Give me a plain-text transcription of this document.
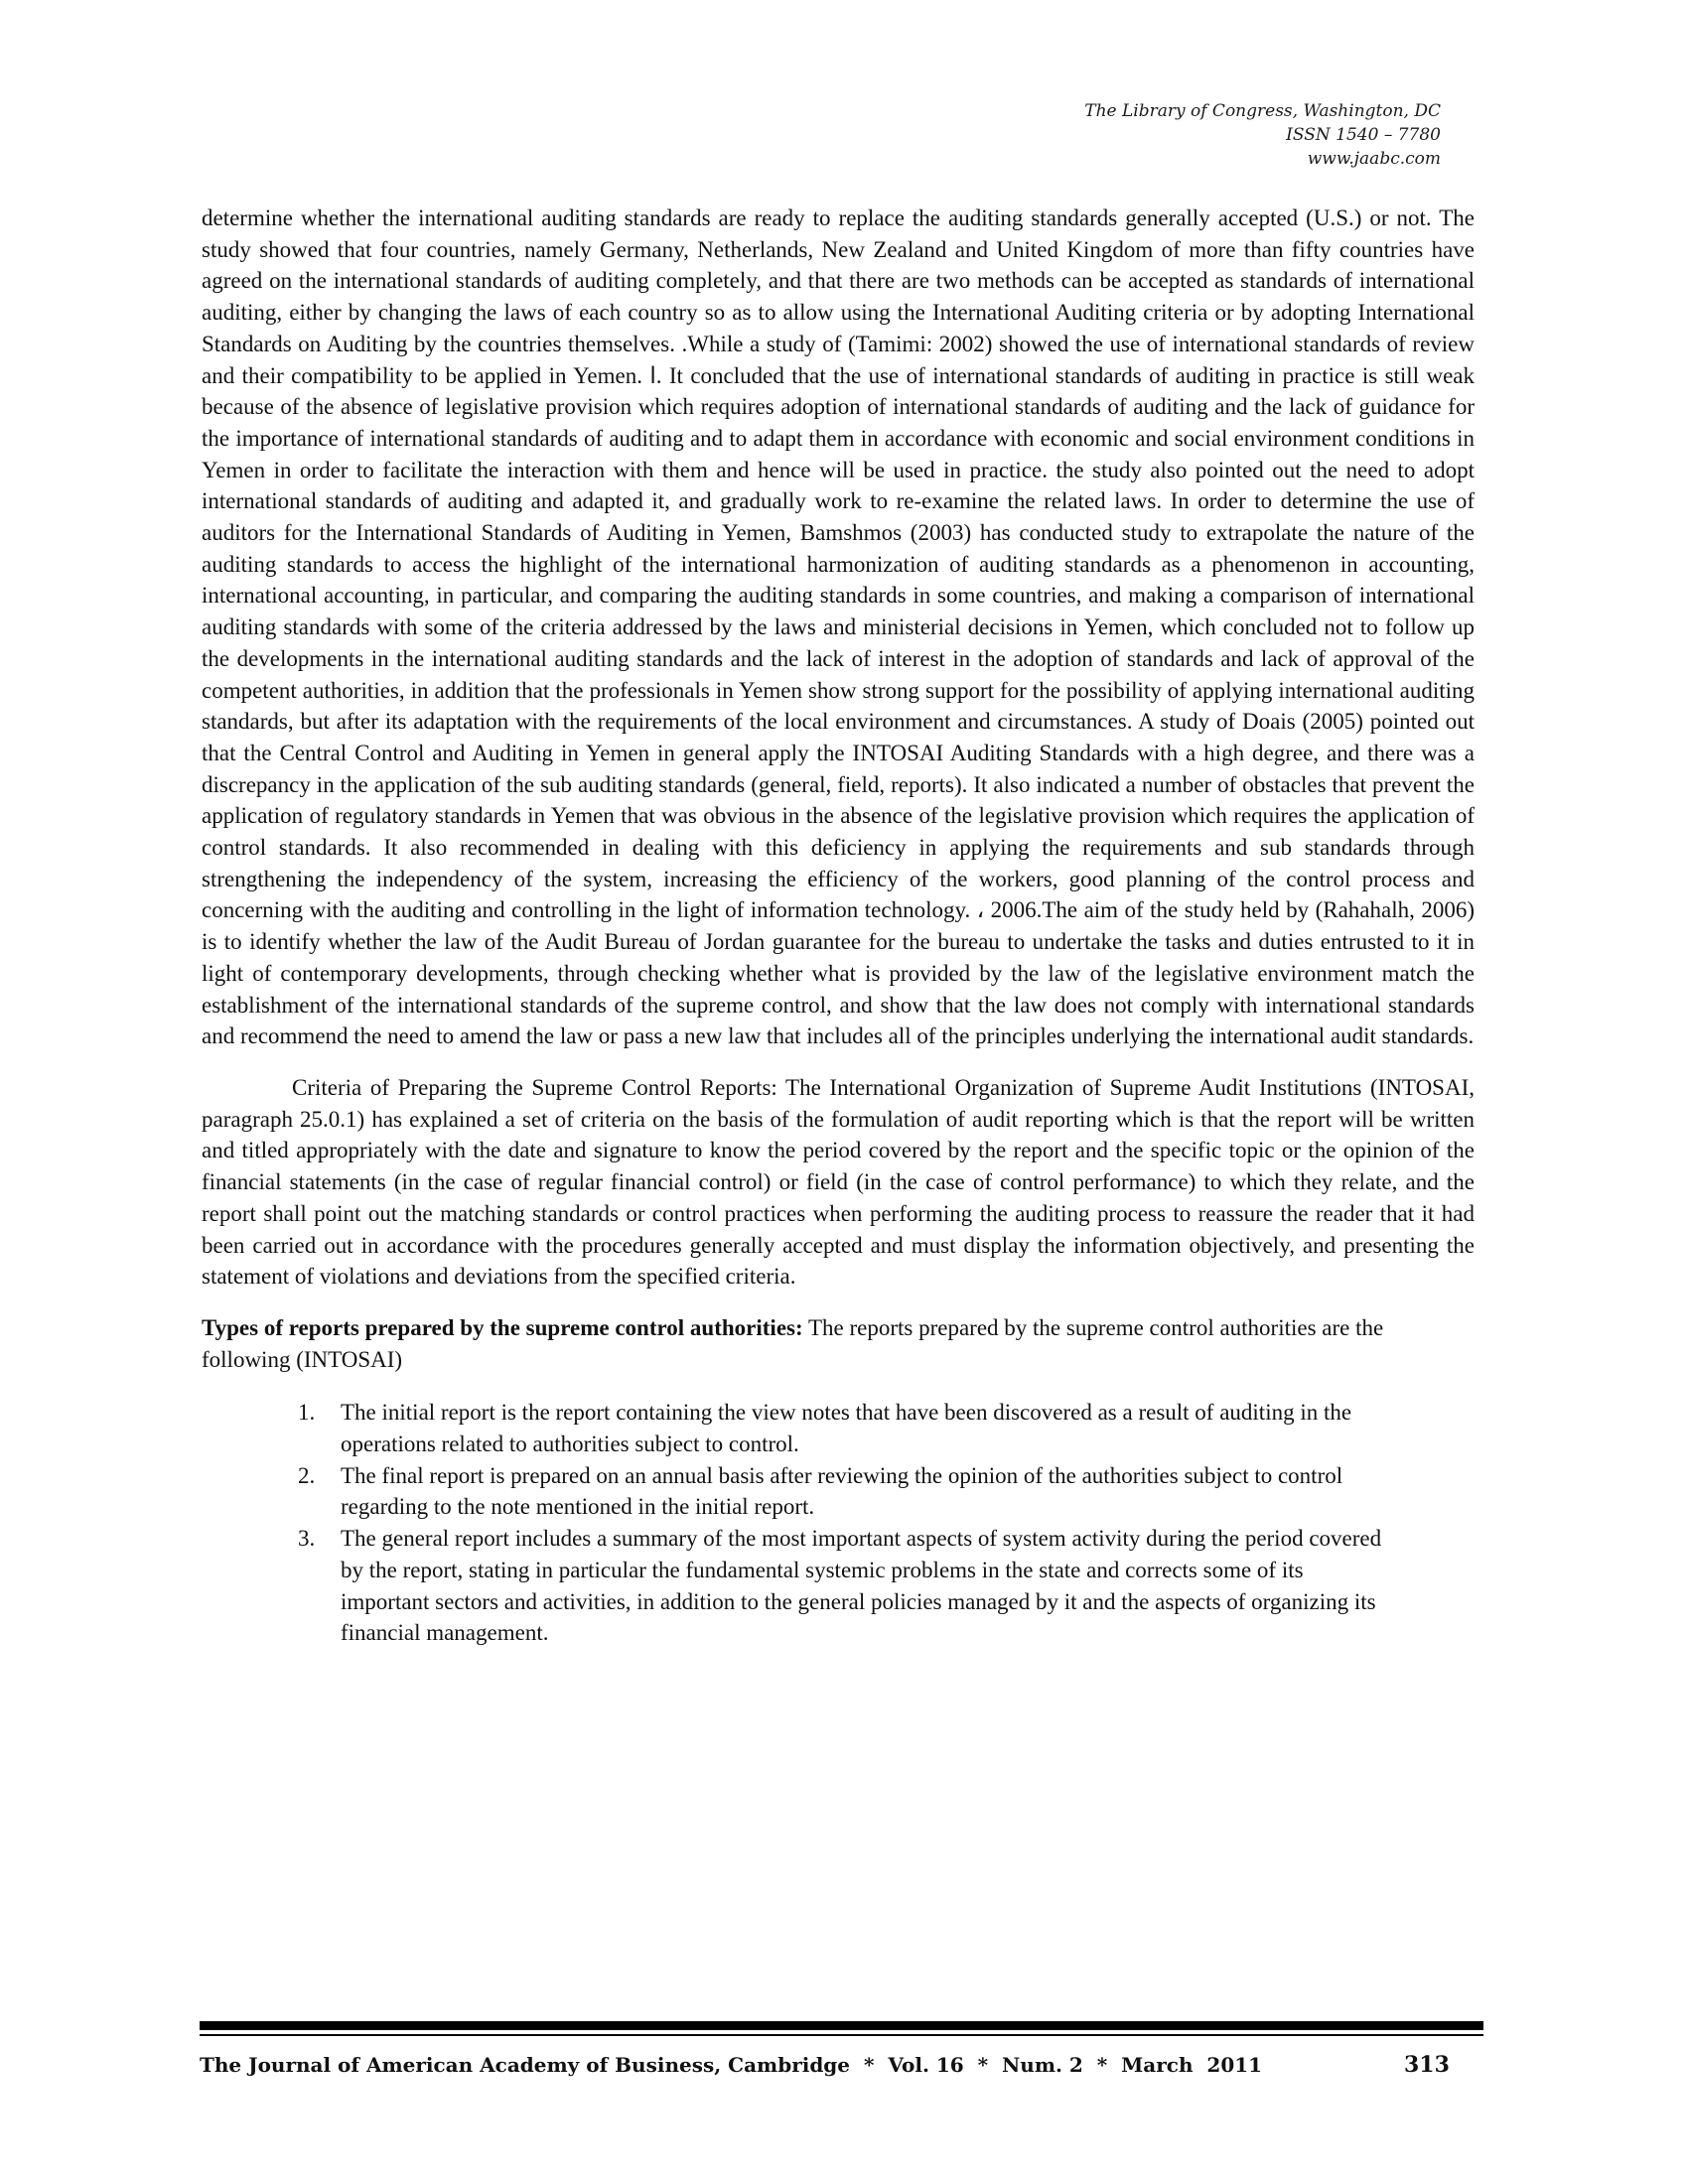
The Library of Congress, Washington, DC
ISSN 1540 – 7780
www.jaabc.com

determine whether the international auditing standards are ready to replace the auditing standards generally accepted (U.S.) or not. The study showed that four countries, namely Germany, Netherlands, New Zealand and United Kingdom of more than fifty countries have agreed on the international standards of auditing completely, and that there are two methods can be accepted as standards of international auditing, either by changing the laws of each country so as to allow using the International Auditing criteria or by adopting International Standards on Auditing by the countries themselves. .While a study of (Tamimi: 2002) showed the use of international standards of review and their compatibility to be applied in Yemen. ا. It concluded that the use of international standards of auditing in practice is still weak because of the absence of legislative provision which requires adoption of international standards of auditing and the lack of guidance for the importance of international standards of auditing and to adapt them in accordance with economic and social environment conditions in Yemen in order to facilitate the interaction with them and hence will be used in practice. the study also pointed out the need to adopt international standards of auditing and adapted it, and gradually work to re-examine the related laws. In order to determine the use of auditors for the International Standards of Auditing in Yemen, Bamshmos (2003) has conducted study to extrapolate the nature of the auditing standards to access the highlight of the international harmonization of auditing standards as a phenomenon in accounting, international accounting, in particular, and comparing the auditing standards in some countries, and making a comparison of international auditing standards with some of the criteria addressed by the laws and ministerial decisions in Yemen, which concluded not to follow up the developments in the international auditing standards and the lack of interest in the adoption of standards and lack of approval of the competent authorities, in addition that the professionals in Yemen show strong support for the possibility of applying international auditing standards, but after its adaptation with the requirements of the local environment and circumstances. A study of Doais (2005) pointed out that the Central Control and Auditing in Yemen in general apply the INTOSAI Auditing Standards with a high degree, and there was a discrepancy in the application of the sub auditing standards (general, field, reports). It also indicated a number of obstacles that prevent the application of regulatory standards in Yemen that was obvious in the absence of the legislative provision which requires the application of control standards. It also recommended in dealing with this deficiency in applying the requirements and sub standards through strengthening the independency of the system, increasing the efficiency of the workers, good planning of the control process and concerning with the auditing and controlling in the light of information technology. ، 2006.The aim of the study held by (Rahahalh, 2006) is to identify whether the law of the Audit Bureau of Jordan guarantee for the bureau to undertake the tasks and duties entrusted to it in light of contemporary developments, through checking whether what is provided by the law of the legislative environment match the establishment of the international standards of the supreme control, and show that the law does not comply with international standards and recommend the need to amend the law or pass a new law that includes all of the principles underlying the international audit standards.

Criteria of Preparing the Supreme Control Reports: The International Organization of Supreme Audit Institutions (INTOSAI, paragraph 25.0.1) has explained a set of criteria on the basis of the formulation of audit reporting which is that the report will be written and titled appropriately with the date and signature to know the period covered by the report and the specific topic or the opinion of the financial statements (in the case of regular financial control) or field (in the case of control performance) to which they relate, and the report shall point out the matching standards or control practices when performing the auditing process to reassure the reader that it had been carried out in accordance with the procedures generally accepted and must display the information objectively, and presenting the statement of violations and deviations from the specified criteria.

Types of reports prepared by the supreme control authorities: The reports prepared by the supreme control authorities are the following (INTOSAI)

1. The initial report is the report containing the view notes that have been discovered as a result of auditing in the operations related to authorities subject to control.
2. The final report is prepared on an annual basis after reviewing the opinion of the authorities subject to control regarding to the note mentioned in the initial report.
3. The general report includes a summary of the most important aspects of system activity during the period covered by the report, stating in particular the fundamental systemic problems in the state and corrects some of its important sectors and activities, in addition to the general policies managed by it and the aspects of organizing its financial management.
The Journal of American Academy of Business, Cambridge  *  Vol. 16  *  Num. 2  *  March  2011	313
